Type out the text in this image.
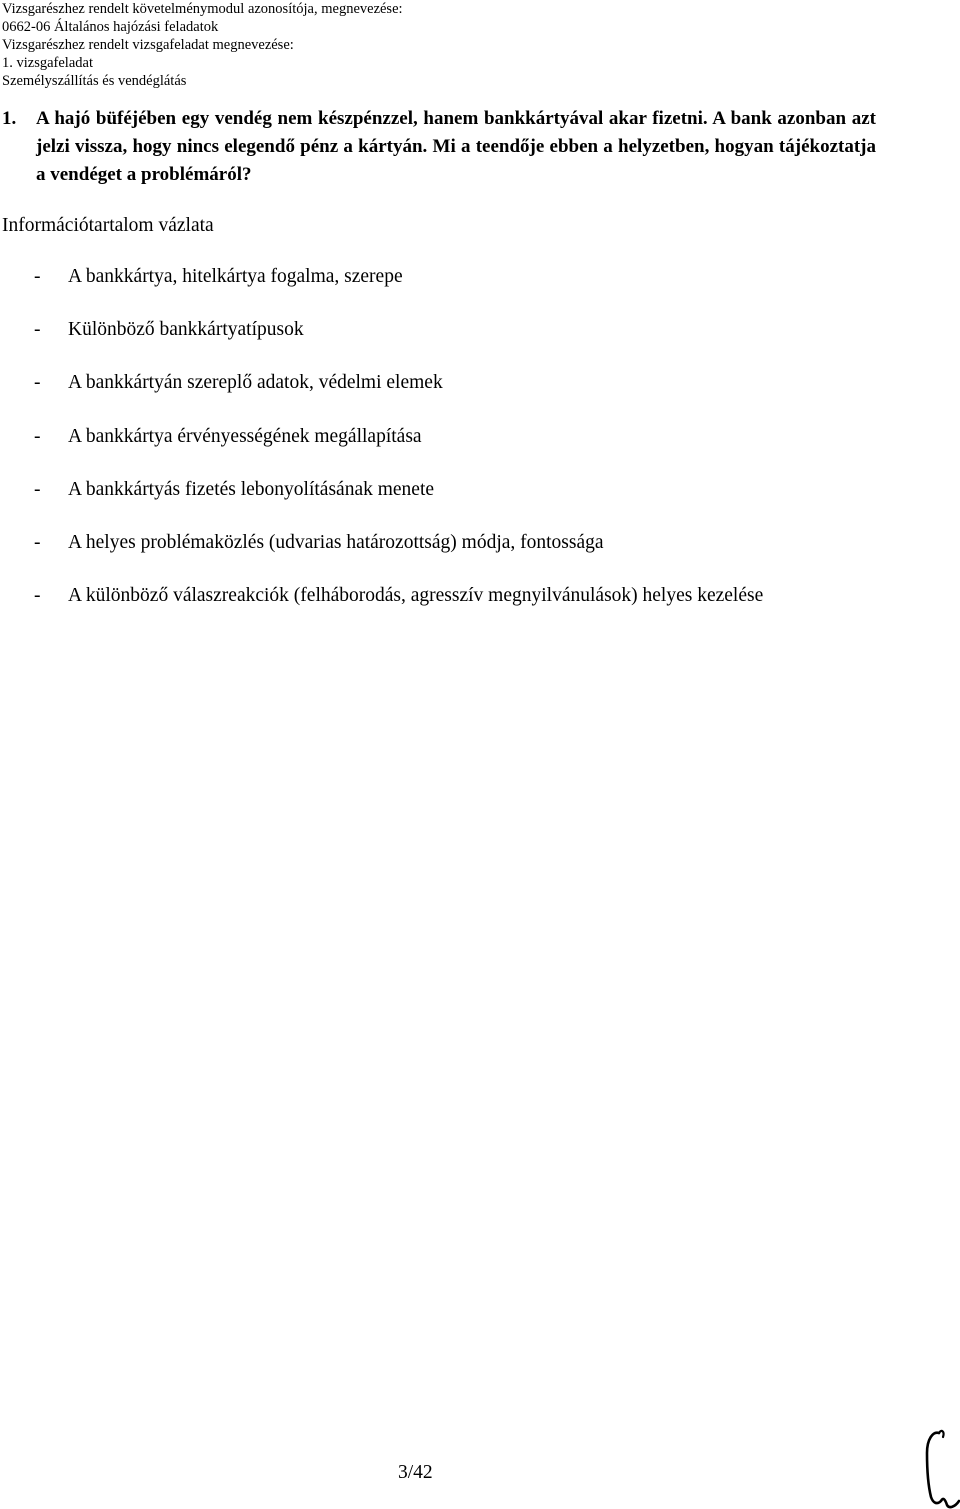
Vizsgarészhez rendelt követelménymodul azonosítója, megnevezése:
0662-06 Általános hajózási feladatok
Vizsgarészhez rendelt vizsgafeladat megnevezése:
1. vizsgafeladat
Személyszállítás és vendéglátás
1.	A hajó büféjében egy vendég nem készpénzzel, hanem bankkártyával akar fizetni. A bank azonban azt jelzi vissza, hogy nincs elegendő pénz a kártyán. Mi a teendője ebben a helyzetben, hogyan tájékoztatja a vendéget a problémáról?
Információtartalom vázlata
-	A bankkártya, hitelkártya fogalma, szerepe
-	Különböző bankkártyatípusok
-	A bankkártyán szereplő adatok, védelmi elemek
-	A bankkártya érvényességének megállapítása
-	A bankkártyás fizetés lebonyolításának menete
-	A helyes problémaközlés (udvarias határozottság) módja, fontossága
-	A különböző válaszreakciók (felháborodás, agresszív megnyilvánulások) helyes kezelése
3/42
